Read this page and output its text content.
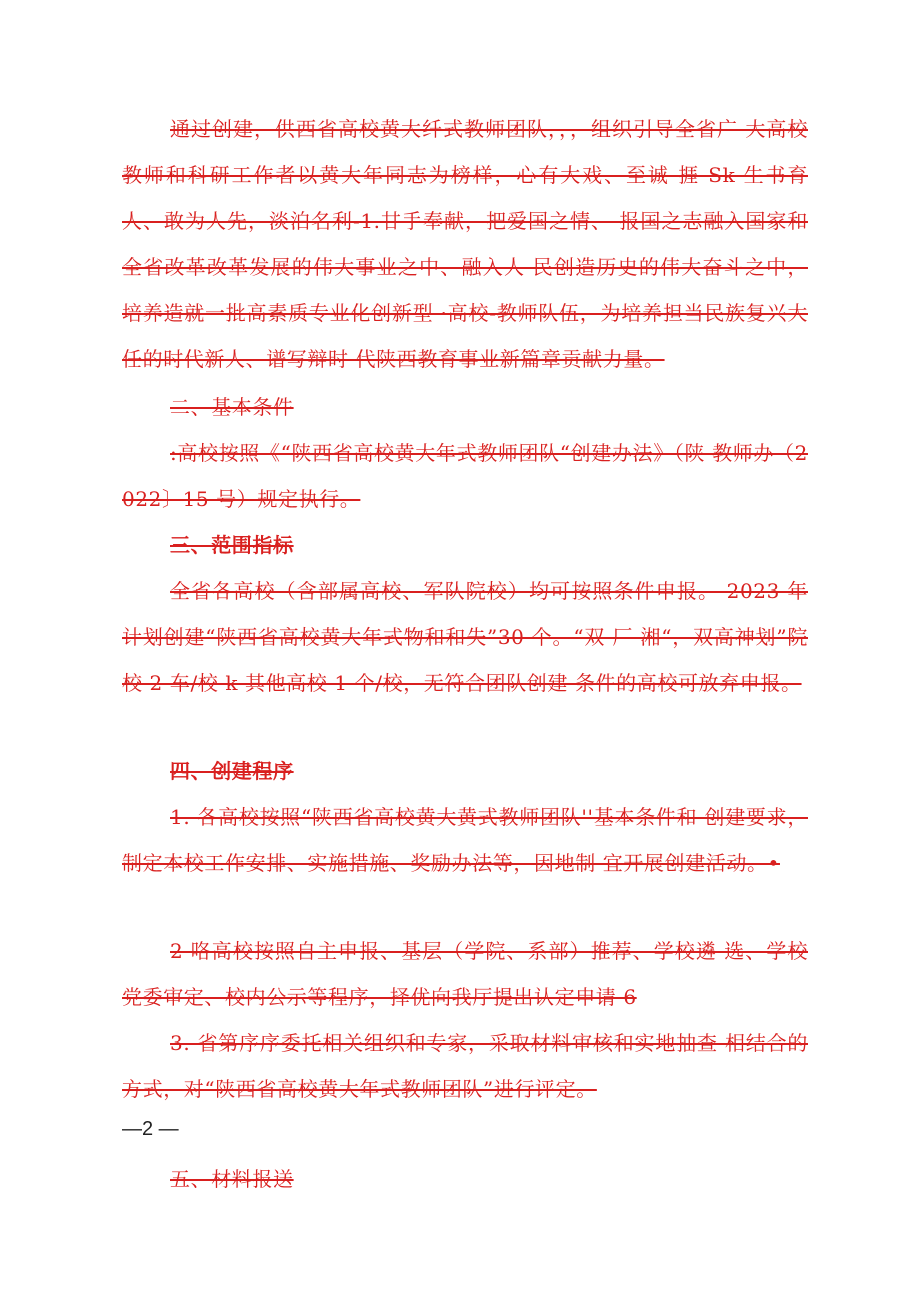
通过创建，供西省高校黄大纤式教师团队，，，组织引导全省广 大高校教师和科研工作者以黄大年同志为榜样，心有大戏、至诚 捱 Sk 生书育人、敢为人先，淡泊名利-1.甘手奉献，把爱国之情、 报国之志融入国家和全省改革改革发展的伟大事业之中、融入人 民创造历史的伟大奋斗之中，培养造就一批高素质专业化创新型 ·高校-教师队伍，为培养担当民族复兴大任的时代新人、谱写辩时 代陕西教育事业新篇章贡献力量。

二、基本条件

:高校按照《“陕西省高校黄大年式教师团队“创建办法》（陕 教师办（2022〕15 号）规定执行。

三、范围指标

全省各高校（含部属高校、军队院校）均可按照条件申报。 2023 年计划创建“陕西省高校黄大年式物和和失”30 个。“双 厂 湘“，双高神划”院校 2 车/校 k 其他高校 1 个/校，无符合团队创建 条件的高校可放弃申报。

四、创建程序

1. 各高校按照“陕西省高校黄大黄式教师团队''基本条件和 创建要求，制定本校工作安排、实施措施、奖励办法等，因地制 宜开展创建活动。•

2 咯高校按照自主申报、基层（学院、系部）推荐、学校遴 选、学校党委审定、校内公示等程序，择优向我厅提出认定申请 6

3. 省第序序委托相关组织和专家，采取材料审核和实地抽查 相结合的方式，对“陕西省高校黄大年式教师团队”进行评定。

—2 —
五、材料报送
